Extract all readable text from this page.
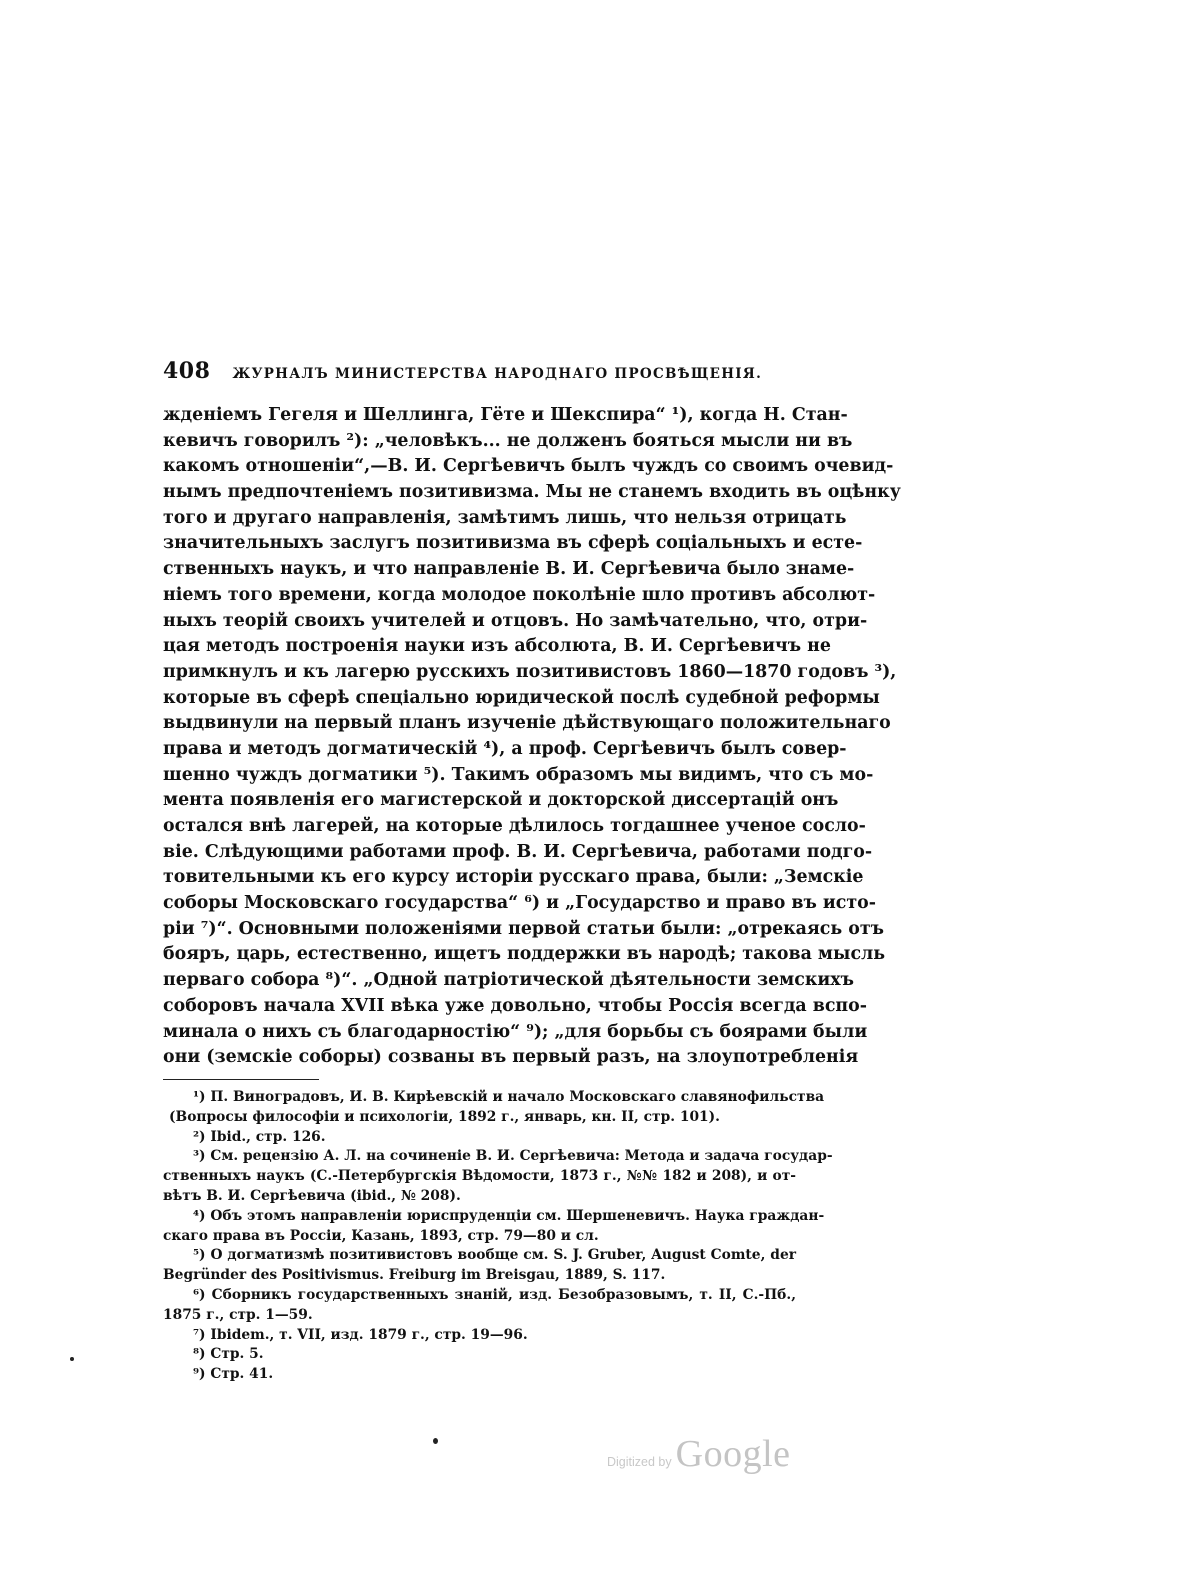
408 ЖУРНАЛЪ МИНИСТЕРСТВА НАРОДНАГО ПРОСВѢЩЕНІЯ.
жденіемъ Гегеля и Шеллинга, Гёте и Шекспира“ ¹), когда Н. Стан-
кевичъ говорилъ ²): „человѣкъ... не долженъ бояться мысли ни въ
какомъ отношеніи“,—В. И. Сергѣевичъ былъ чуждъ со своимъ очевид-
нымъ предпочтеніемъ позитивизма. Мы не станемъ входить въ оцѣнку
того и другаго направленія, замѣтимъ лишь, что нельзя отрицать
значительныхъ заслугъ позитивизма въ сферѣ соціальныхъ и есте-
ственныхъ наукъ, и что направленіе В. И. Сергѣевича было знаме-
ніемъ того времени, когда молодое поколѣніе шло противъ абсолют-
ныхъ теорій своихъ учителей и отцовъ. Но замѣчательно, что, отри-
цая методъ построенія науки изъ абсолюта, В. И. Сергѣевичъ не
примкнулъ и къ лагерю русскихъ позитивистовъ 1860—1870 годовъ ³),
которые въ сферѣ спеціально юридической послѣ судебной реформы
выдвинули на первый планъ изученіе дѣйствующаго положительнаго
права и методъ догматическій ⁴), а проф. Сергѣевичъ былъ совер-
шенно чуждъ догматики ⁵). Такимъ образомъ мы видимъ, что съ мо-
мента появленія его магистерской и докторской диссертацій онъ
остался внѣ лагерей, на которые дѣлилось тогдашнее ученое сосло-
віе. Слѣдующими работами проф. В. И. Сергѣевича, работами подго-
товительными къ его курсу исторіи русскаго права, были: „Земскіе
соборы Московскаго государства“ ⁶) и „Государство и право въ исто-
ріи ⁷)“. Основными положеніями первой статьи были: „отрекаясь отъ
бояръ, царь, естественно, ищетъ поддержки въ народѣ; такова мысль
перваго собора ⁸)“. „Одной патріотической дѣятельности земскихъ
соборовъ начала XVII вѣка уже довольно, чтобы Россія всегда вспо-
минала о нихъ съ благодарностію“ ⁹); „для борьбы съ боярами были
они (земскіе соборы) созваны въ первый разъ, на злоупотребленія
¹) П. Виноградовъ, И. В. Кирѣевскій и начало Московскаго славянофильства
(Вопросы философіи и психологіи, 1892 г., январь, кн. II, стр. 101).
²) Ibid., стр. 126.
³) См. рецензію А. Л. на сочиненіе В. И. Сергѣевича: Метода и задача государ-
ственныхъ наукъ (С.-Петербургскія Вѣдомости, 1873 г., №№ 182 и 208), и от-
вѣтъ В. И. Сергѣевича (ibid., № 208).
⁴) Объ этомъ направленіи юриспруденціи см. Шершеневичъ. Наука граждан-
скаго права въ Россіи, Казань, 1893, стр. 79—80 и сл.
⁵) О догматизмѣ позитивистовъ вообще см. S. J. Gruber, August Comte, der
Begründer des Positivismus. Freiburg im Breisgau, 1889, S. 117.
⁶) Сборникъ государственныхъ знаній, изд. Безобразовымъ, т. II, С.-Пб.,
1875 г., стр. 1—59.
⁷) Ibidem., т. VII, изд. 1879 г., стр. 19—96.
⁸) Стр. 5.
⁹) Стр. 41.
Digitized by Google
